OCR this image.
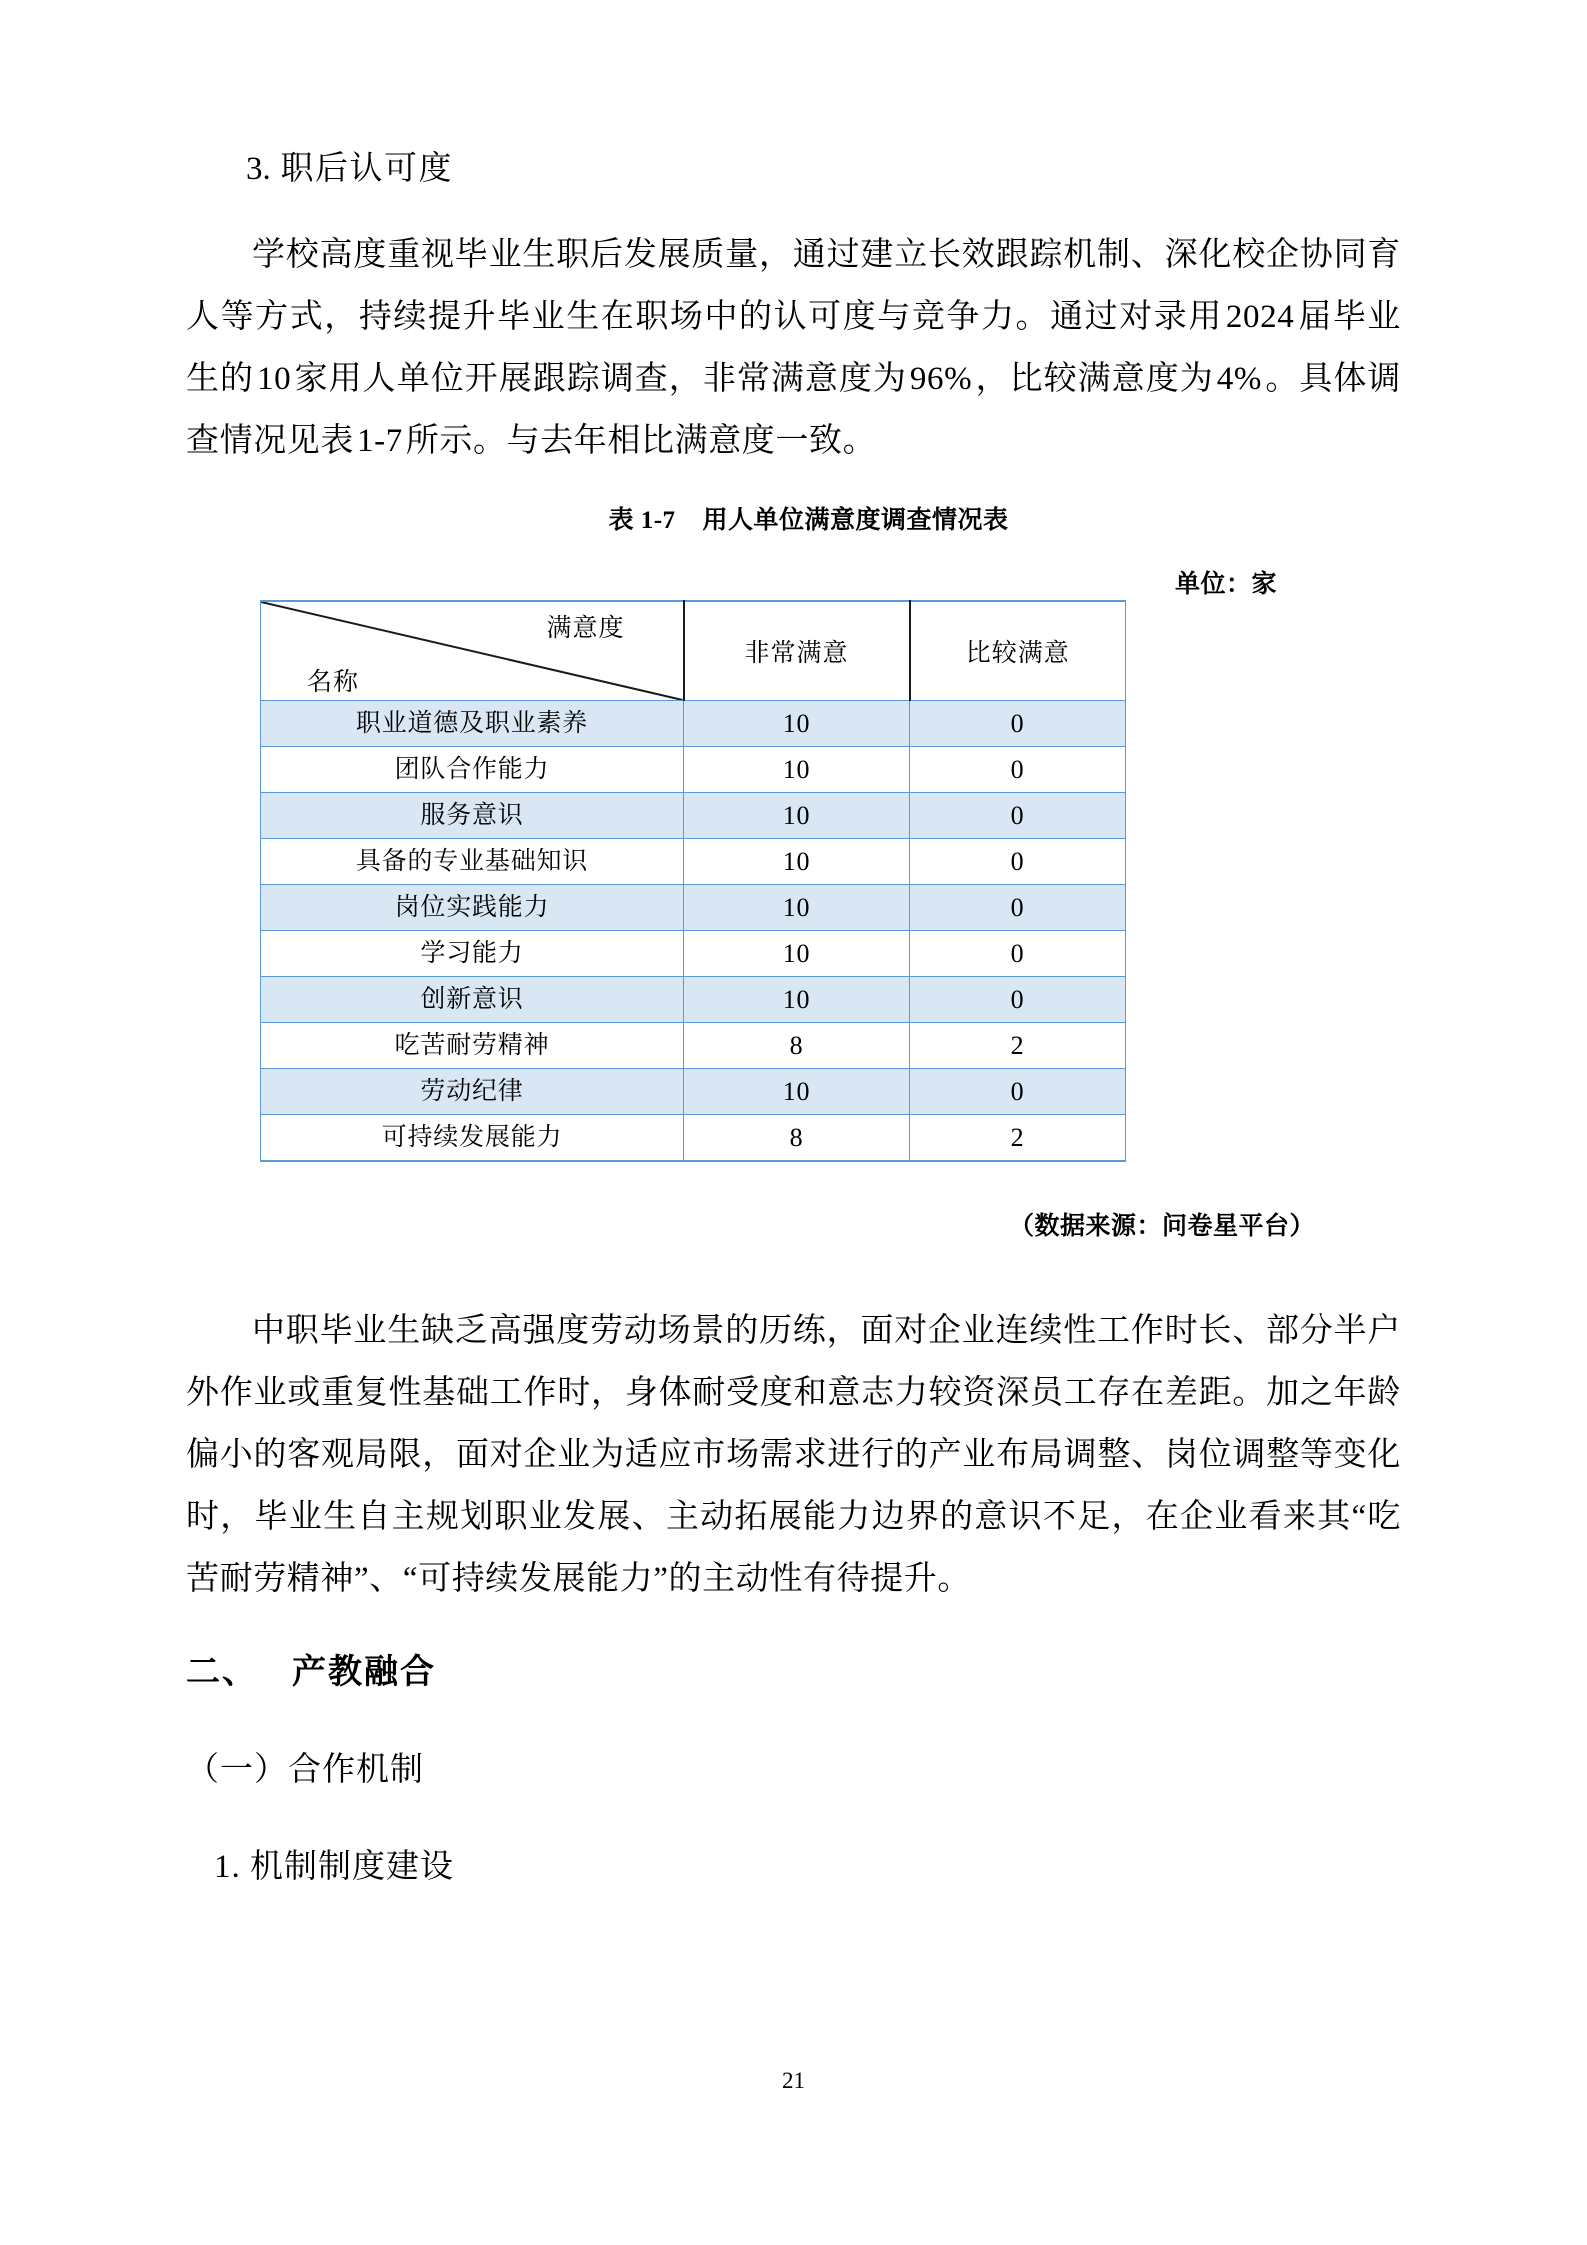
3. 职后认可度

学校高度重视毕业生职后发展质量，通过建立长效跟踪机制、深化校企协同育人等方式，持续提升毕业生在职场中的认可度与竞争力。通过对录用2024届毕业生的10家用人单位开展跟踪调查，非常满意度为96%，比较满意度为4%。具体调查情况见表1-7所示。与去年相比满意度一致。

表 1-7 用人单位满意度调查情况表

单位：家

满意度
名称	非常满意	比较满意
职业道德及职业素养	10	0
团队合作能力	10	0
服务意识	10	0
具备的专业基础知识	10	0
岗位实践能力	10	0
学习能力	10	0
创新意识	10	0
吃苦耐劳精神	8	2
劳动纪律	10	0
可持续发展能力	8	2

（数据来源：问卷星平台）

中职毕业生缺乏高强度劳动场景的历练，面对企业连续性工作时长、部分半户外作业或重复性基础工作时，身体耐受度和意志力较资深员工存在差距。加之年龄偏小的客观局限，面对企业为适应市场需求进行的产业布局调整、岗位调整等变化时，毕业生自主规划职业发展、主动拓展能力边界的意识不足，在企业看来其“吃苦耐劳精神”、“可持续发展能力”的主动性有待提升。

二、 产教融合

（一）合作机制

1. 机制制度建设

21
